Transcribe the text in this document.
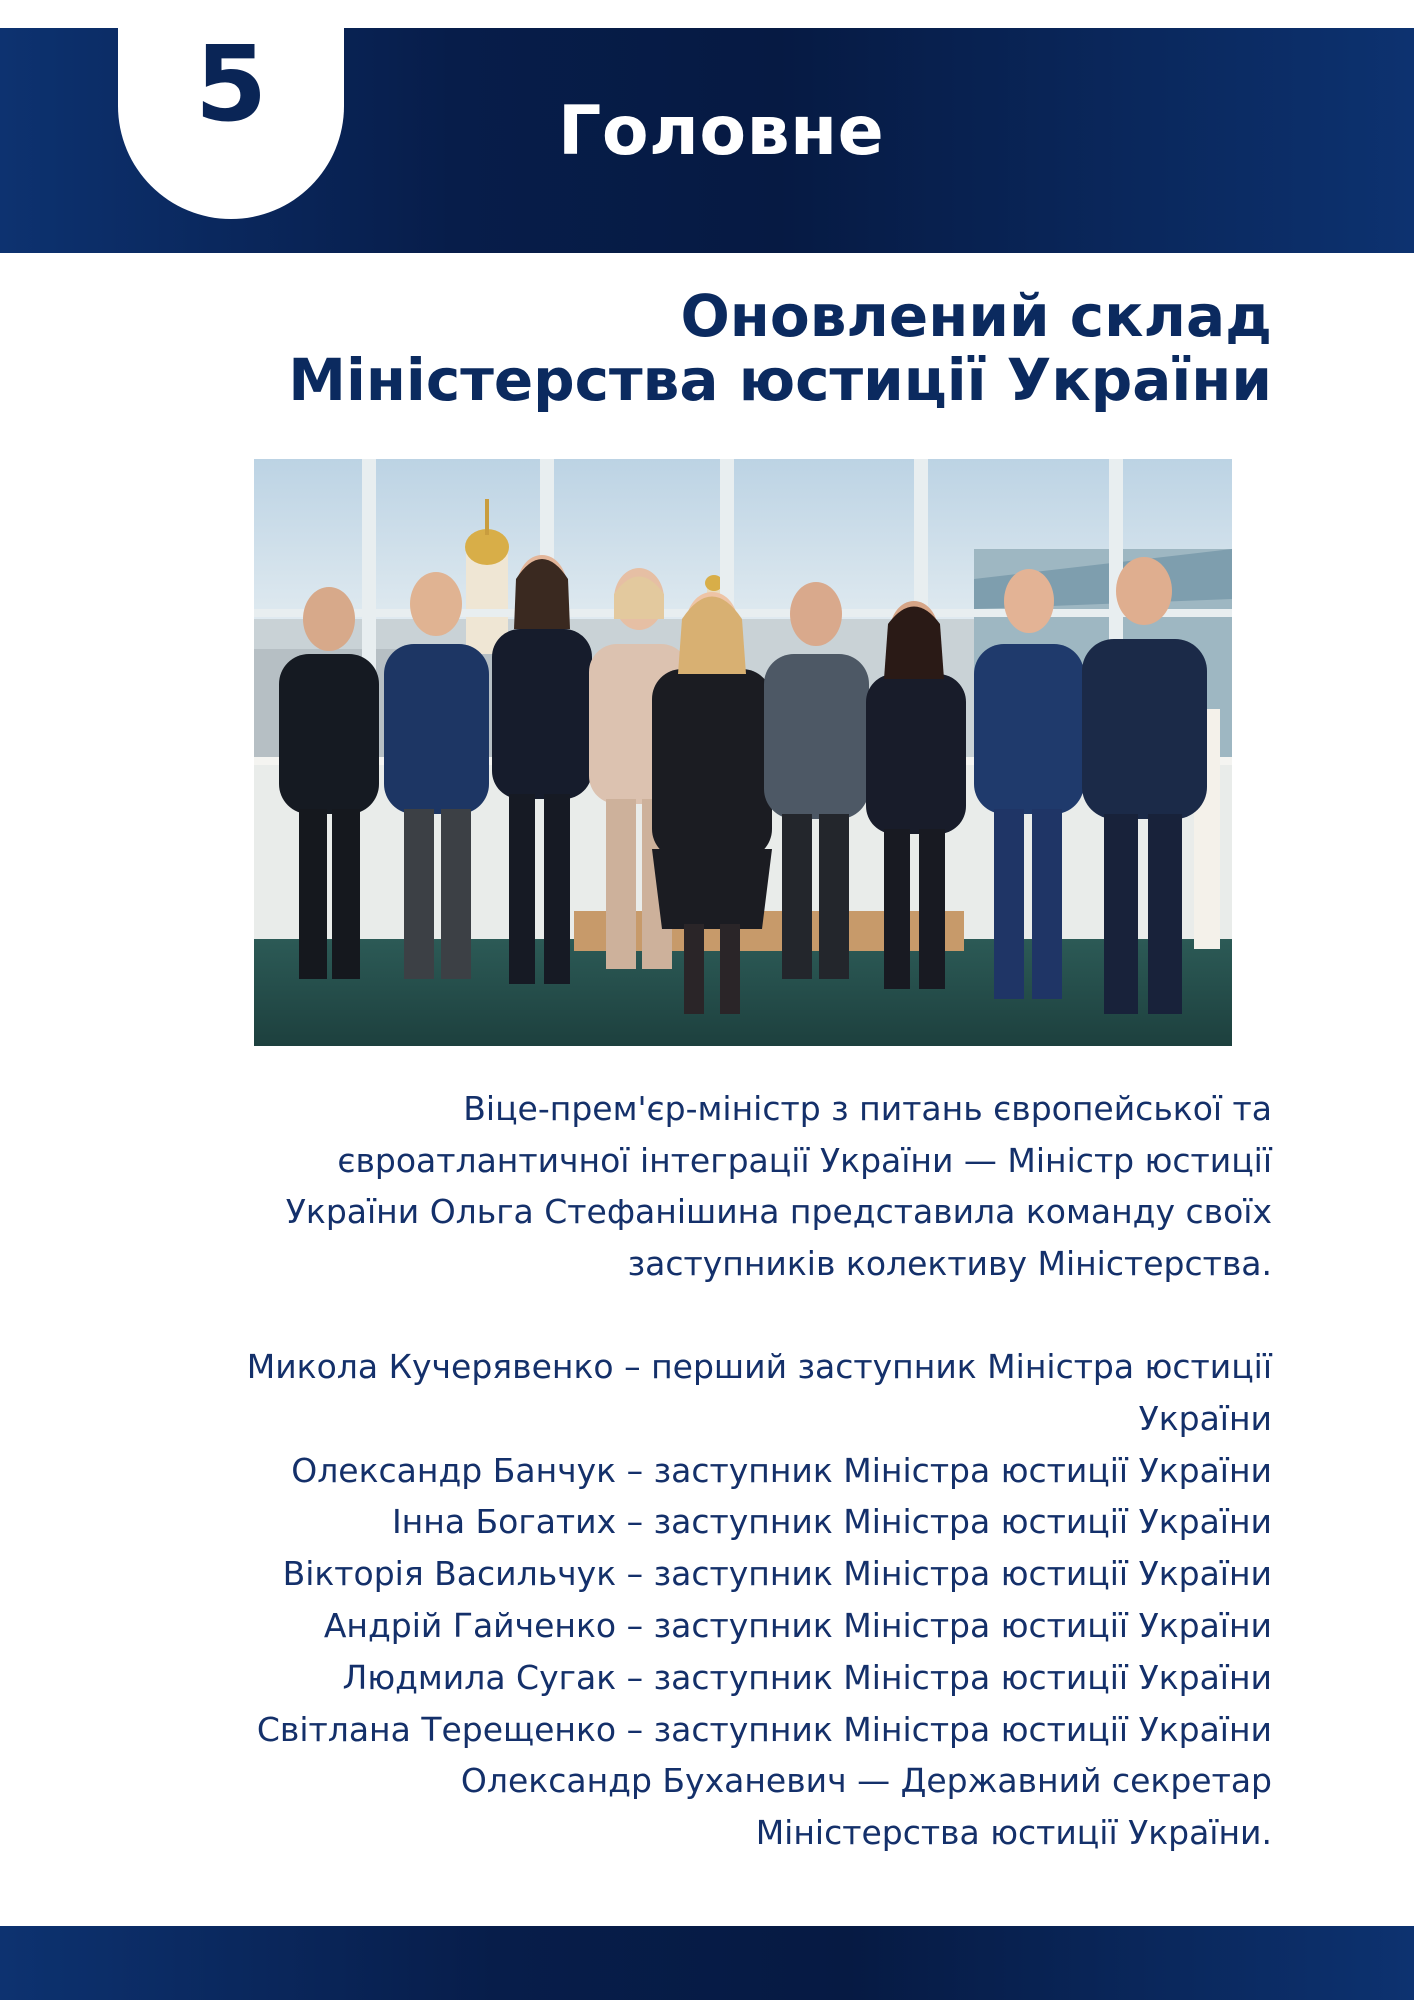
5	Головне
Оновлений склад
Міністерства юстиції України

Віце-прем'єр-міністр з питань європейської та
євроатлантичної інтеграції України — Міністр юстиції
України Ольга Стефанішина представила команду своїх
заступників колективу Міністерства.

Микола Кучерявенко – перший заступник Міністра юстиції
України
Олександр Банчук – заступник Міністра юстиції України
Інна Богатих – заступник Міністра юстиції України
Вікторія Васильчук – заступник Міністра юстиції України
Андрій Гайченко – заступник Міністра юстиції України
Людмила Сугак – заступник Міністра юстиції України
Світлана Терещенко – заступник Міністра юстиції України
Олександр Буханевич — Державний секретар
Міністерства юстиції України.
